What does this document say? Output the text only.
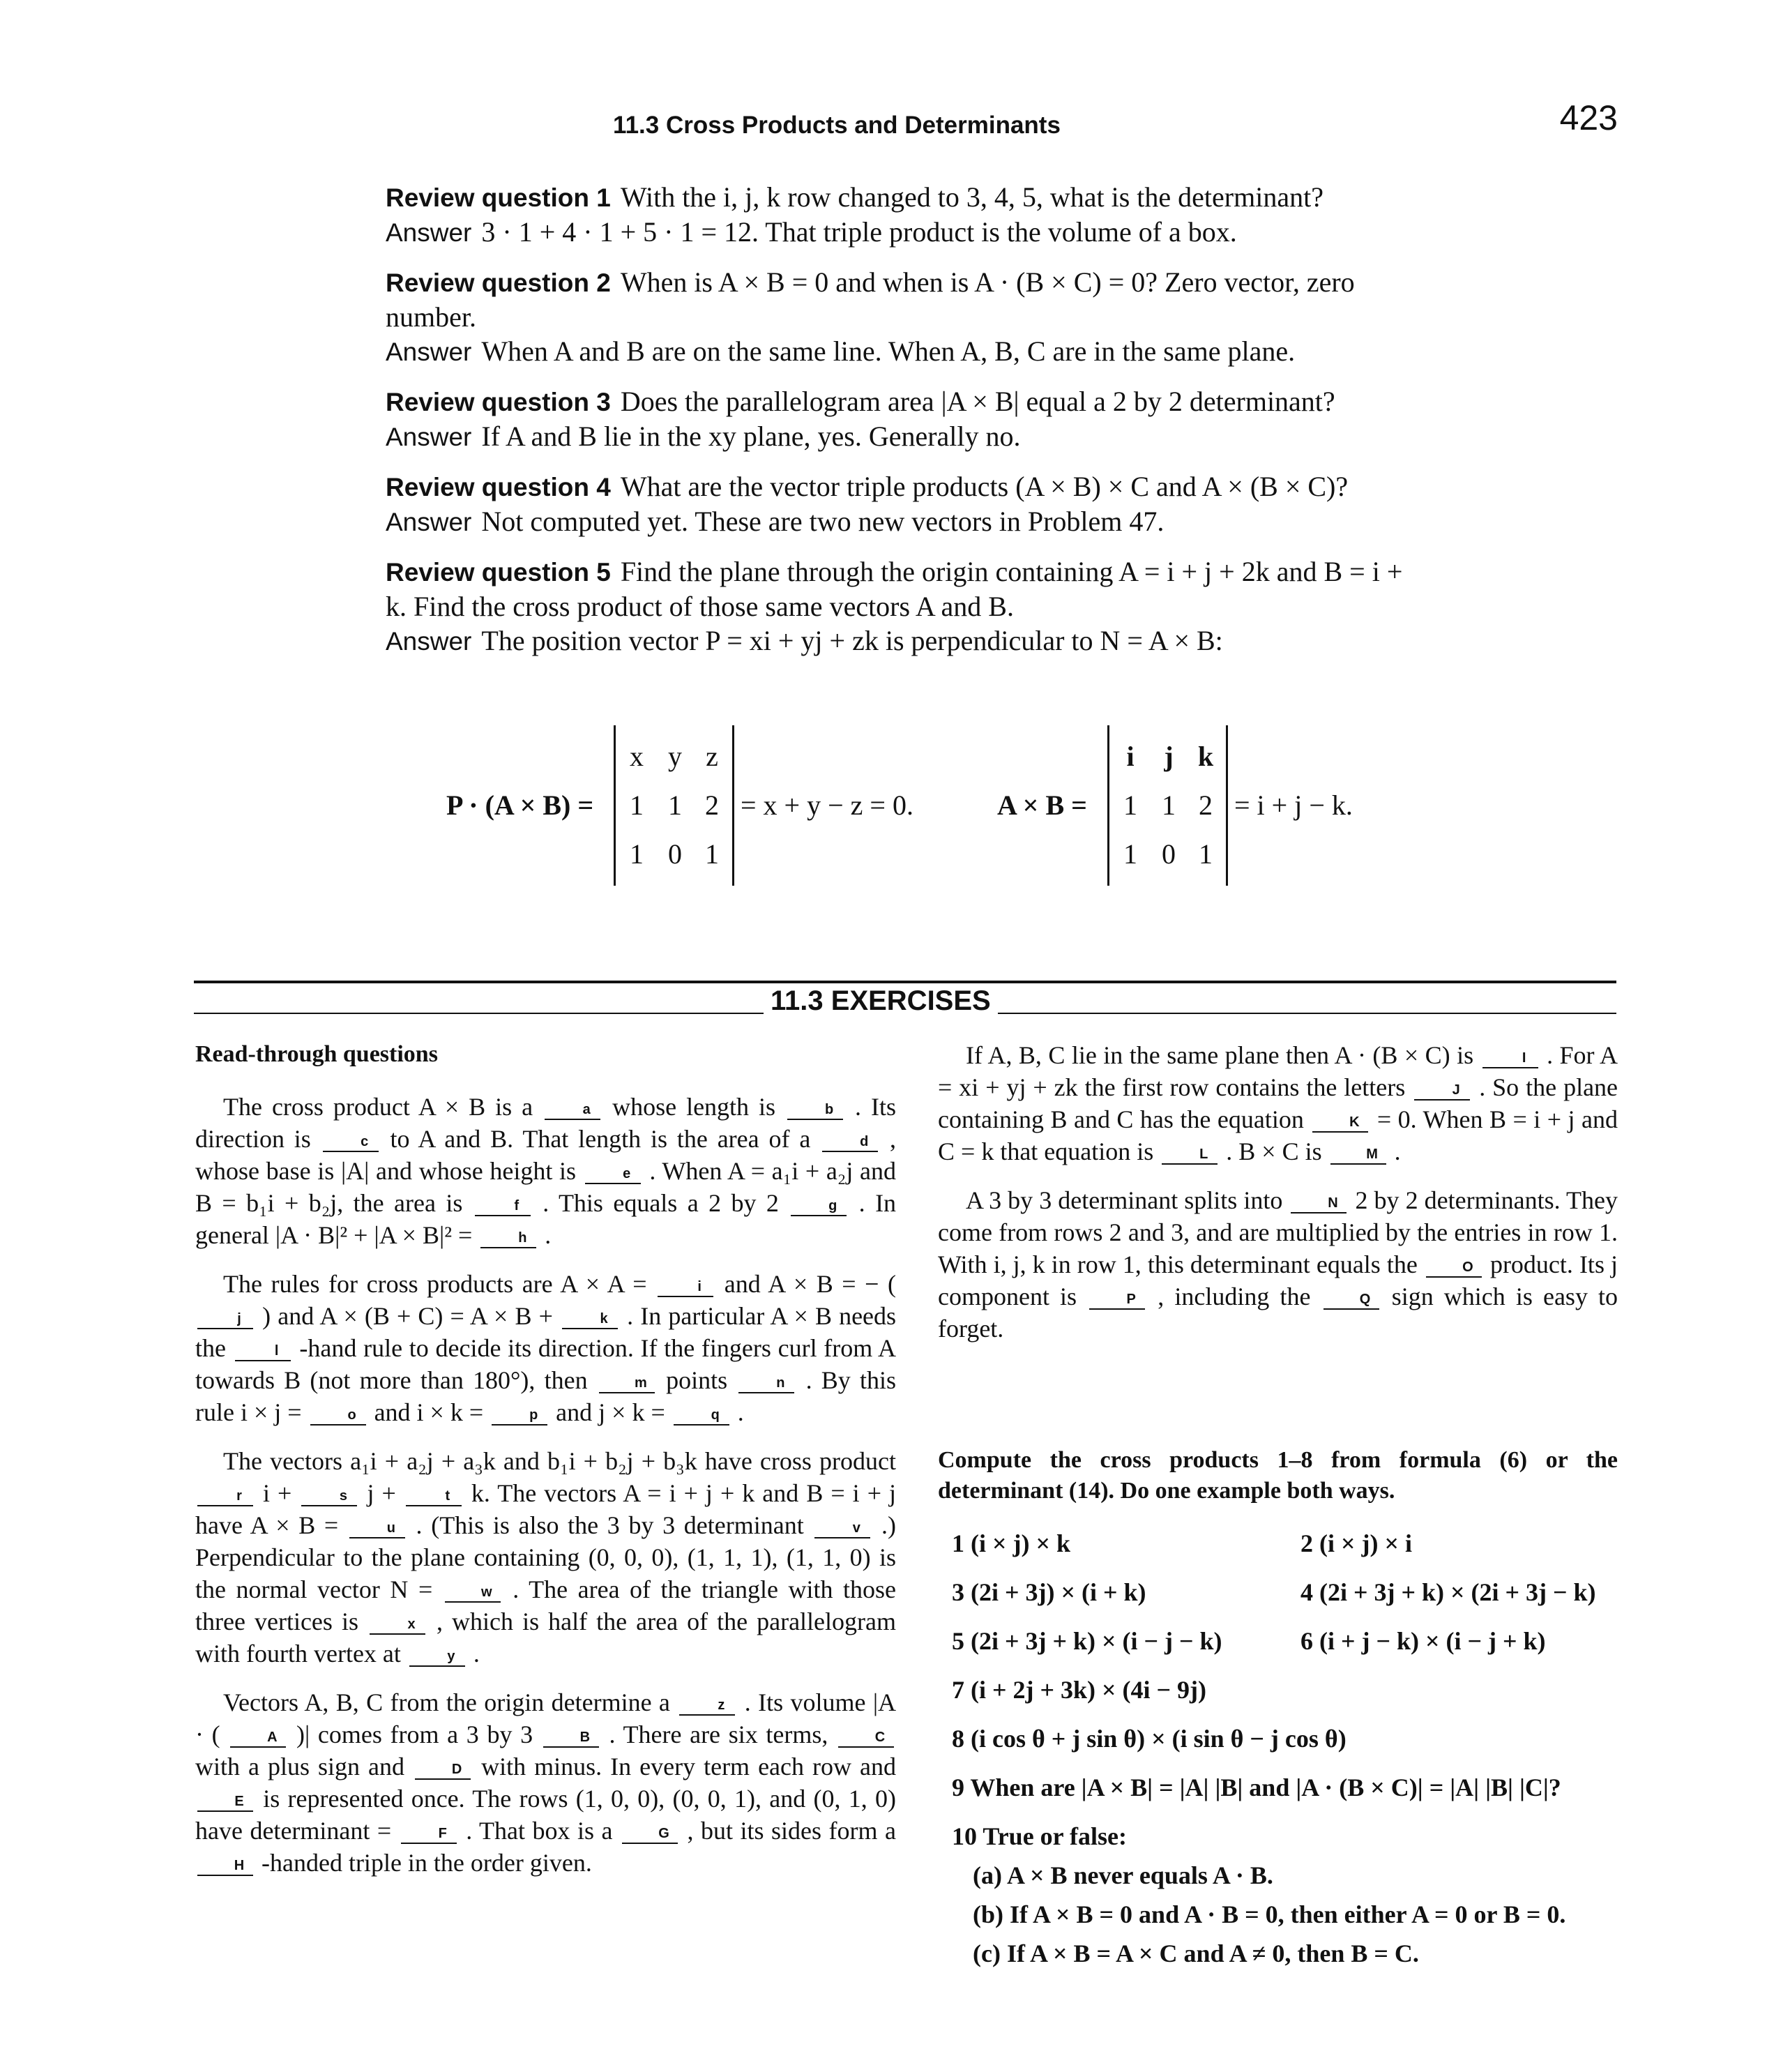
11.3 Cross Products and Determinants	423
Review question 1 With the i, j, k row changed to 3, 4, 5, what is the determinant?
Answer 3 · 1 + 4 · 1 + 5 · 1 = 12. That triple product is the volume of a box.
Review question 2 When is A × B = 0 and when is A · (B × C) = 0? Zero vector, zero number.
Answer When A and B are on the same line. When A, B, C are in the same plane.
Review question 3 Does the parallelogram area |A × B| equal a 2 by 2 determinant?
Answer If A and B lie in the xy plane, yes. Generally no.
Review question 4 What are the vector triple products (A × B) × C and A × (B × C)?
Answer Not computed yet. These are two new vectors in Problem 47.
Review question 5 Find the plane through the origin containing A = i + j + 2k and B = i + k. Find the cross product of those same vectors A and B.
Answer The position vector P = xi + yj + zk is perpendicular to N = A × B:
P · (A × B) =
x y z
1 1 2
1 0 1
= x + y − z = 0.	A × B =
i	j k
1 1 2
1 0 1
= i + j − k.
11.3 EXERCISES
Read-through questions

The cross product A × B is a	a whose length is	b . Its direction is	c to A and B. That length is the area of a	d , whose base is |A| and whose height is	e . When A = a₁i + a₂j and B = b₁i + b₂j, the area is	f . This equals a 2 by 2	g . In general |A · B|² + |A × B|² =	h .

The rules for cross products are A × A =	i and A × B = − ( j ) and A × (B + C) = A × B +	k . In particular A × B needs the	l -hand rule to decide its direction. If the fingers curl from A towards B (not more than 180°), then	m points	n . By this rule i × j =	o and i × k =	p and j × k =	q .

The vectors a₁i + a₂j + a₃k and b₁i + b₂j + b₃k have cross product r i +	s j +	t k. The vectors A = i + j + k and B = i + j have A × B =	u . (This is also the 3 by 3 determinant	v .) Perpendicular to the plane containing (0, 0, 0), (1, 1, 1), (1, 1, 0) is the normal vector N =	w . The area of the triangle with those three vertices is	x , which is half the area of the parallelogram with fourth vertex at	y .

Vectors A, B, C from the origin determine a	z . Its volume |A · (	A )| comes from a 3 by 3	B . There are six terms,	C with a plus sign and	D with minus. In every term each row and E is represented once. The rows (1, 0, 0), (0, 0, 1), and (0, 1, 0) have determinant =	F . That box is a	G , but its sides form a H -handed triple in the order given.

If A, B, C lie in the same plane then A · (B × C) is	I . For A = xi + yj + zk the first row contains the letters	J . So the plane containing B and C has the equation	K = 0. When B = i + j and C = k that equation is	L . B × C is	M .

A 3 by 3 determinant splits into	N 2 by 2 determinants. They come from rows 2 and 3, and are multiplied by the entries in row 1. With i, j, k in row 1, this determinant equals the	O product. Its j component is	P , including the	Q sign which is easy to forget.

Compute the cross products 1–8 from formula (6) or the determinant (14). Do one example both ways.
1 (i × j) × k	2 (i × j) × i
3 (2i + 3j) × (i + k)	4 (2i + 3j + k) × (2i + 3j − k)
5 (2i + 3j + k) × (i − j − k)	6 (i + j − k) × (i − j + k)
7 (i + 2j + 3k) × (4i − 9j)
8 (i cos θ + j sin θ) × (i sin θ − j cos θ)
9 When are |A × B| = |A| |B| and |A · (B × C)| = |A| |B| |C|?
10 True or false:
(a) A × B never equals A · B.
(b) If A × B = 0 and A · B = 0, then either A = 0 or B = 0.
(c) If A × B = A × C and A ≠ 0, then B = C.
